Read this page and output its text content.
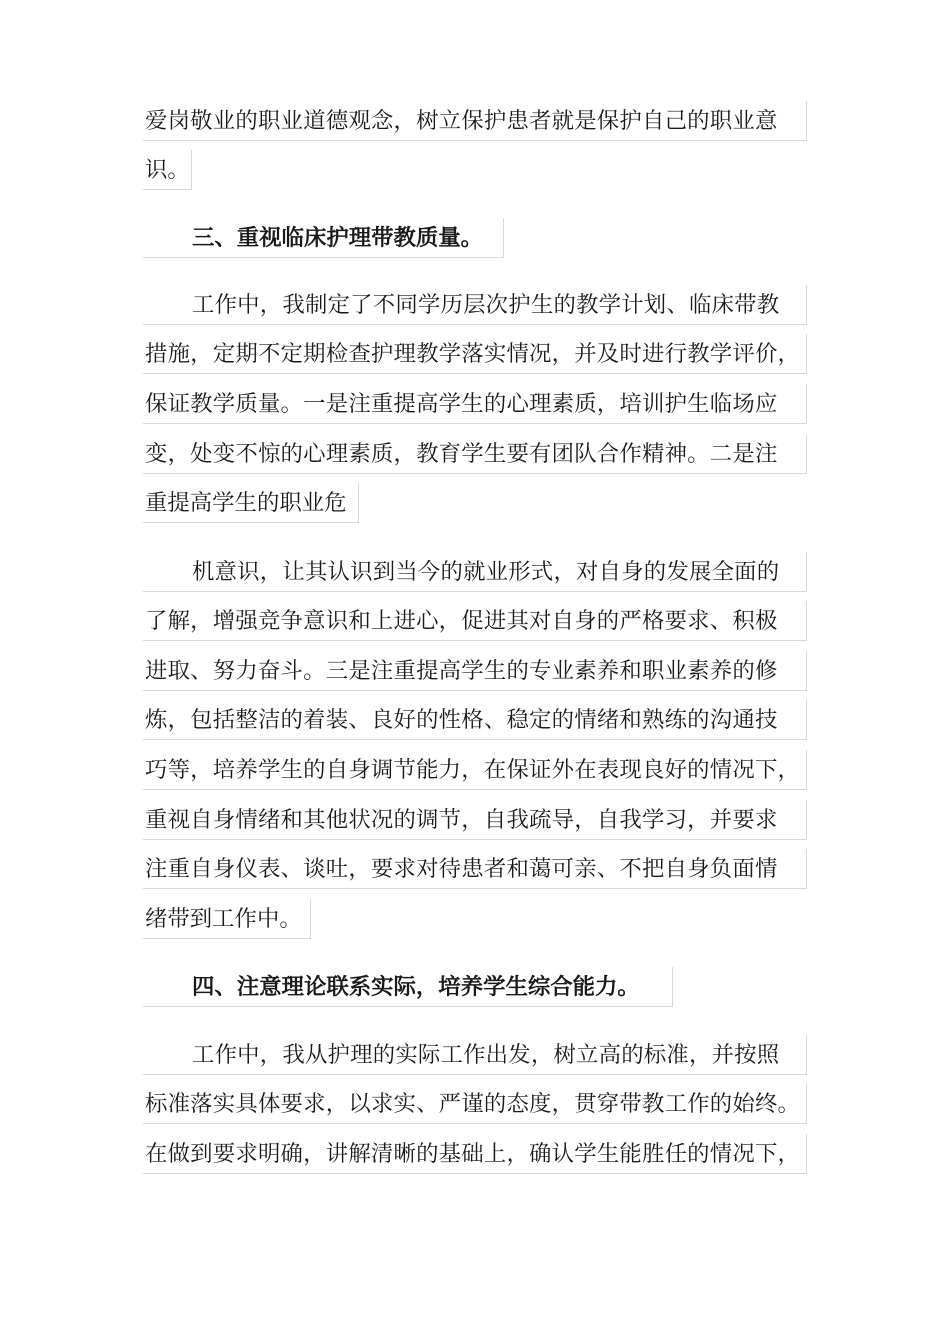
爱岗敬业的职业道德观念，树立保护患者就是保护自己的职业意
识。
三、重视临床护理带教质量。
工作中，我制定了不同学历层次护生的教学计划、临床带教
措施，定期不定期检查护理教学落实情况，并及时进行教学评价，
保证教学质量。一是注重提高学生的心理素质，培训护生临场应
变，处变不惊的心理素质，教育学生要有团队合作精神。二是注
重提高学生的职业危
机意识，让其认识到当今的就业形式，对自身的发展全面的
了解，增强竞争意识和上进心，促进其对自身的严格要求、积极
进取、努力奋斗。三是注重提高学生的专业素养和职业素养的修
炼，包括整洁的着装、良好的性格、稳定的情绪和熟练的沟通技
巧等，培养学生的自身调节能力，在保证外在表现良好的情况下，
重视自身情绪和其他状况的调节，自我疏导，自我学习，并要求
注重自身仪表、谈吐，要求对待患者和蔼可亲、不把自身负面情
绪带到工作中。
四、注意理论联系实际，培养学生综合能力。
工作中，我从护理的实际工作出发，树立高的标准，并按照
标准落实具体要求，以求实、严谨的态度，贯穿带教工作的始终。
在做到要求明确，讲解清晰的基础上，确认学生能胜任的情况下，
